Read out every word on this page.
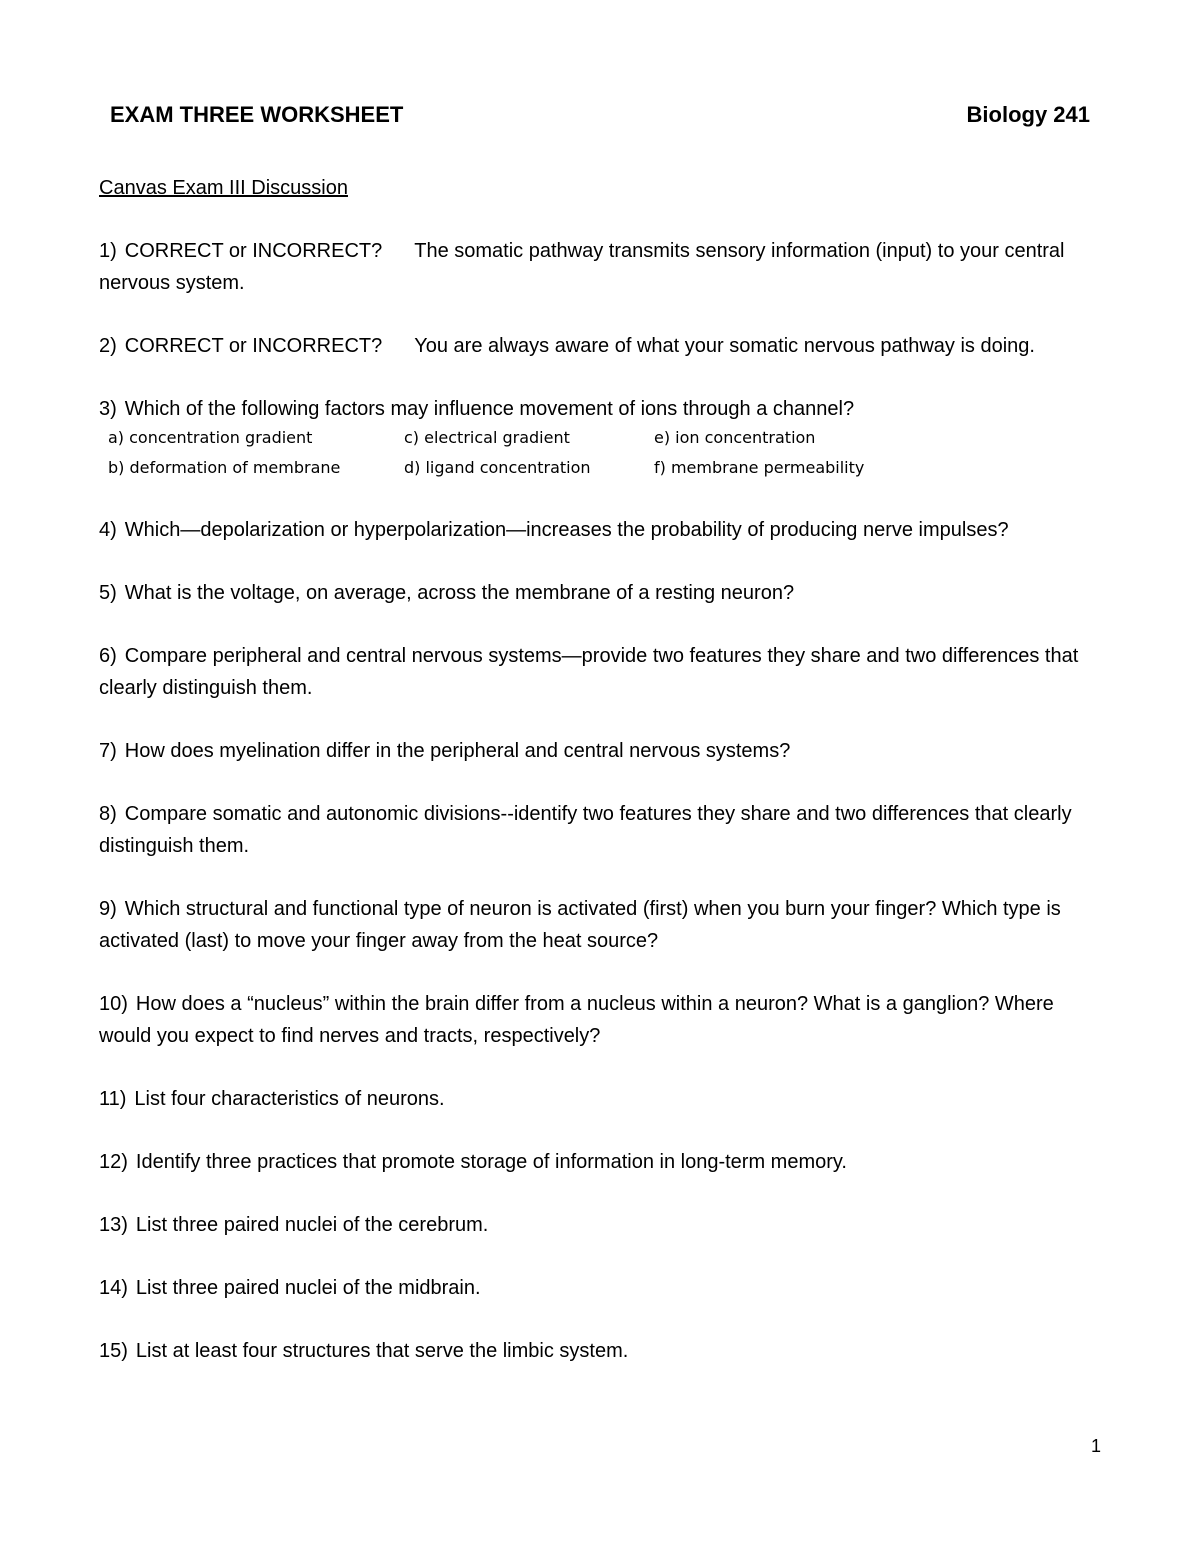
EXAM THREE WORKSHEET	Biology 241

Canvas Exam III Discussion

1) CORRECT or INCORRECT? The somatic pathway transmits sensory information (input) to your central nervous system.

2) CORRECT or INCORRECT? You are always aware of what your somatic nervous pathway is doing.

3) Which of the following factors may influence movement of ions through a channel?

a) concentration gradient	c) electrical gradient	e) ion concentration
b) deformation of membrane	d) ligand concentration	f) membrane permeability

4) Which—depolarization or hyperpolarization—increases the probability of producing nerve impulses?

5) What is the voltage, on average, across the membrane of a resting neuron?

6) Compare peripheral and central nervous systems—provide two features they share and two differences that clearly distinguish them.

7) How does myelination differ in the peripheral and central nervous systems?

8) Compare somatic and autonomic divisions--identify two features they share and two differences that clearly distinguish them.

9) Which structural and functional type of neuron is activated (first) when you burn your finger? Which type is activated (last) to move your finger away from the heat source?

10) How does a “nucleus” within the brain differ from a nucleus within a neuron? What is a ganglion? Where would you expect to find nerves and tracts, respectively?

11) List four characteristics of neurons.

12) Identify three practices that promote storage of information in long-term memory.

13) List three paired nuclei of the cerebrum.

14) List three paired nuclei of the midbrain.

15) List at least four structures that serve the limbic system.

1
